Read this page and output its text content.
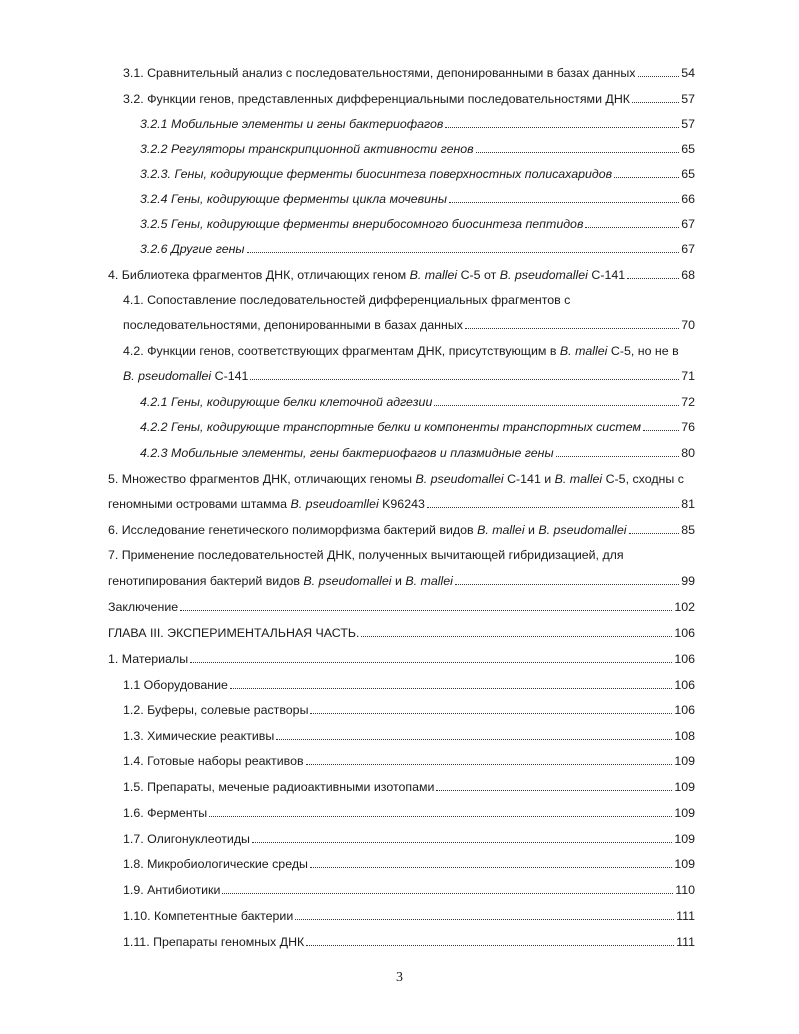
3.1. Сравнительный анализ с последовательностями, депонированными в базах данных	54
3.2. Функции генов, представленных дифференциальными последовательностями ДНК	57
3.2.1 Мобильные элементы и гены бактериофагов	57
3.2.2 Регуляторы транскрипционной активности генов	65
3.2.3. Гены, кодирующие ферменты биосинтеза поверхностных полисахаридов	65
3.2.4 Гены, кодирующие ферменты цикла мочевины	66
3.2.5 Гены, кодирующие ферменты внерибосомного биосинтеза пептидов	67
3.2.6 Другие гены	67
4. Библиотека фрагментов ДНК, отличающих геном B. mallei C-5 от B. pseudomallei C-141	68
4.1. Сопоставление последовательностей дифференциальных фрагментов с
последовательностями, депонированными в базах данных	70
4.2. Функции генов, соответствующих фрагментам ДНК, присутствующим в B. mallei C-5, но не в
B. pseudomallei C-141	71
4.2.1 Гены, кодирующие белки клеточной адгезии	72
4.2.2 Гены, кодирующие транспортные белки и компоненты транспортных систем	76
4.2.3 Мобильные элементы, гены бактериофагов и плазмидные гены	80
5. Множество фрагментов ДНК, отличающих геномы B. pseudomallei C-141 и B. mallei C-5, сходны с
геномными островами штамма B. pseudoamllei K96243	81
6. Исследование генетического полиморфизма бактерий видов B. mallei и B. pseudomallei	85
7. Применение последовательностей ДНК, полученных вычитающей гибридизацией, для
генотипирования бактерий видов B. pseudomallei и B. mallei	99
Заключение	102
ГЛАВА III. ЭКСПЕРИМЕНТАЛЬНАЯ ЧАСТЬ.	106
1. Материалы	106
1.1 Оборудование	106
1.2. Буферы, солевые растворы	106
1.3. Химические реактивы	108
1.4. Готовые наборы реактивов	109
1.5. Препараты, меченые радиоактивными изотопами	109
1.6. Ферменты	109
1.7. Олигонуклеотиды	109
1.8. Микробиологические среды	109
1.9. Антибиотики	110
1.10. Компетентные бактерии	111
1.11. Препараты геномных ДНК	111
3
